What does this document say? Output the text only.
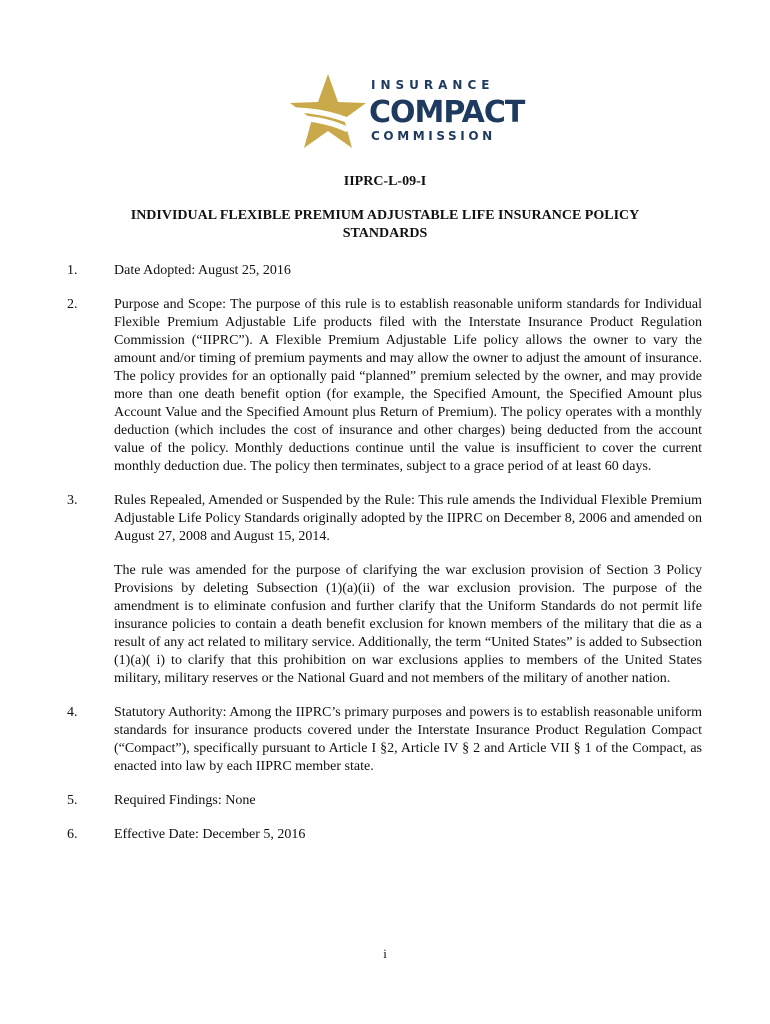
INSURANCE
COMPACT
COMMISSION
IIPRC-L-09-I
INDIVIDUAL FLEXIBLE PREMIUM ADJUSTABLE LIFE INSURANCE POLICY STANDARDS
1.	Date Adopted: August 25, 2016

2.	Purpose and Scope: The purpose of this rule is to establish reasonable uniform standards for Individual Flexible Premium Adjustable Life products filed with the Interstate Insurance Product Regulation Commission (“IIPRC”). A Flexible Premium Adjustable Life policy allows the owner to vary the amount and/or timing of premium payments and may allow the owner to adjust the amount of insurance. The policy provides for an optionally paid “planned” premium selected by the owner, and may provide more than one death benefit option (for example, the Specified Amount, the Specified Amount plus Account Value and the Specified Amount plus Return of Premium). The policy operates with a monthly deduction (which includes the cost of insurance and other charges) being deducted from the account value of the policy. Monthly deductions continue until the value is insufficient to cover the current monthly deduction due. The policy then terminates, subject to a grace period of at least 60 days.

3.	Rules Repealed, Amended or Suspended by the Rule: This rule amends the Individual Flexible Premium Adjustable Life Policy Standards originally adopted by the IIPRC on December 8, 2006 and amended on August 27, 2008 and August 15, 2014.

The rule was amended for the purpose of clarifying the war exclusion provision of Section 3 Policy Provisions by deleting Subsection (1)(a)(ii) of the war exclusion provision. The purpose of the amendment is to eliminate confusion and further clarify that the Uniform Standards do not permit life insurance policies to contain a death benefit exclusion for known members of the military that die as a result of any act related to military service. Additionally, the term “United States” is added to Subsection (1)(a)( i) to clarify that this prohibition on war exclusions applies to members of the United States military, military reserves or the National Guard and not members of the military of another nation.

4.	Statutory Authority: Among the IIPRC’s primary purposes and powers is to establish reasonable uniform standards for insurance products covered under the Interstate Insurance Product Regulation Compact (“Compact”), specifically pursuant to Article I §2, Article IV § 2 and Article VII § 1 of the Compact, as enacted into law by each IIPRC member state.

5.	Required Findings: None

6.	Effective Date: December 5, 2016

i
